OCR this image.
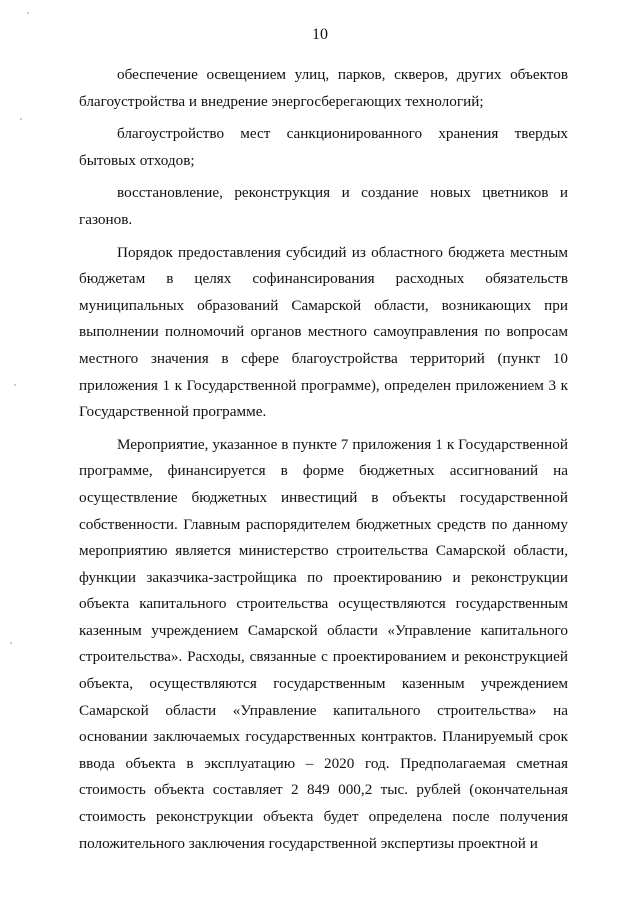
10

обеспечение освещением улиц, парков, скверов, других объектов благоустройства и внедрение энергосберегающих технологий;

благоустройство мест санкционированного хранения твердых бытовых отходов;

восстановление, реконструкция и создание новых цветников и газонов.

Порядок предоставления субсидий из областного бюджета местным бюджетам в целях софинансирования расходных обязательств муниципальных образований Самарской области, возникающих при выполнении полномочий органов местного самоуправления по вопросам местного значения в сфере благоустройства территорий (пункт 10 приложения 1 к Государственной программе), определен приложением 3 к Государственной программе.

Мероприятие, указанное в пункте 7 приложения 1 к Государственной программе, финансируется в форме бюджетных ассигнований на осуществление бюджетных инвестиций в объекты государственной собственности. Главным распорядителем бюджетных средств по данному мероприятию является министерство строительства Самарской области, функции заказчика-застройщика по проектированию и реконструкции объекта капитального строительства осуществляются государственным казенным учреждением Самарской области «Управление капитального строительства». Расходы, связанные с проектированием и реконструкцией объекта, осуществляются государственным казенным учреждением Самарской области «Управление капитального строительства» на основании заключаемых государственных контрактов. Планируемый срок ввода объекта в эксплуатацию – 2020 год. Предполагаемая сметная стоимость объекта составляет 2 849 000,2 тыс. рублей (окончательная стоимость реконструкции объекта будет определена после получения положительного заключения государственной экспертизы проектной и
